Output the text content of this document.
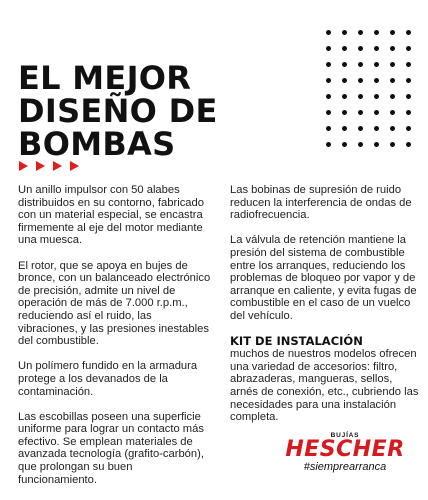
EL MEJOR
DISEÑO DE
BOMBAS

Un anillo impulsor con 50 alabes distribuidos en su contorno, fabricado con un material especial, se encastra firmemente al eje del motor mediante una muesca.

El rotor, que se apoya en bujes de bronce, con un balanceado electrónico de precisión, admite un nivel de operación de más de 7.000 r.p.m., reduciendo así el ruido, las vibraciones, y las presiones inestables del combustible.

Un polímero fundido en la armadura protege a los devanados de la contaminación.

Las escobillas poseen una superficie uniforme para lograr un contacto más efectivo. Se emplean materiales de avanzada tecnología (grafito-carbón), que prolongan su buen funcionamiento.

Las bobinas de supresión de ruido reducen la interferencia de ondas de radiofrecuencia.

La válvula de retención mantiene la presión del sistema de combustible entre los arranques, reduciendo los problemas de bloqueo por vapor y de arranque en caliente, y evita fugas de combustible en el caso de un vuelco del vehículo.

KIT DE INSTALACIÓN

muchos de nuestros modelos ofrecen una variedad de accesorios: filtro, abrazaderas, mangueras, sellos, arnés de conexión, etc., cubriendo las necesidades para una instalación completa.

BUJÍAS
HESCHER
#siemprearranca
